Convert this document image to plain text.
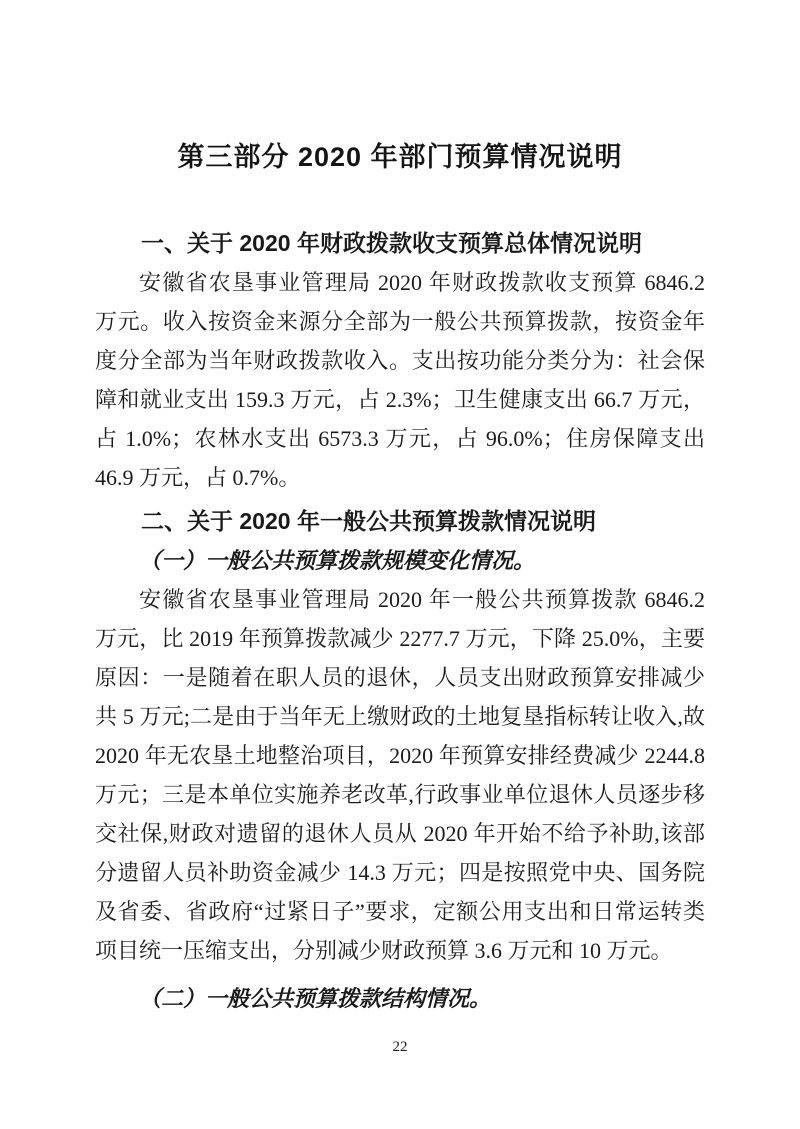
第三部分 2020 年部门预算情况说明
一、关于 2020 年财政拨款收支预算总体情况说明

安徽省农垦事业管理局 2020 年财政拨款收支预算 6846.2 万元。收入按资金来源分全部为一般公共预算拨款，按资金年度分全部为当年财政拨款收入。支出按功能分类分为：社会保障和就业支出 159.3 万元，占 2.3%；卫生健康支出 66.7 万元，占 1.0%；农林水支出 6573.3 万元，占 96.0%；住房保障支出 46.9 万元，占 0.7%。

二、关于 2020 年一般公共预算拨款情况说明
（一）一般公共预算拨款规模变化情况。

安徽省农垦事业管理局 2020 年一般公共预算拨款 6846.2 万元，比 2019 年预算拨款减少 2277.7 万元，下降 25.0%，主要原因：一是随着在职人员的退休，人员支出财政预算安排减少共 5 万元;二是由于当年无上缴财政的土地复垦指标转让收入,故 2020 年无农垦土地整治项目，2020 年预算安排经费减少 2244.8 万元；三是本单位实施养老改革,行政事业单位退休人员逐步移交社保,财政对遗留的退休人员从 2020 年开始不给予补助,该部分遗留人员补助资金减少 14.3 万元；四是按照党中央、国务院及省委、省政府“过紧日子”要求，定额公用支出和日常运转类项目统一压缩支出，分别减少财政预算 3.6 万元和 10 万元。

（二）一般公共预算拨款结构情况。
22
